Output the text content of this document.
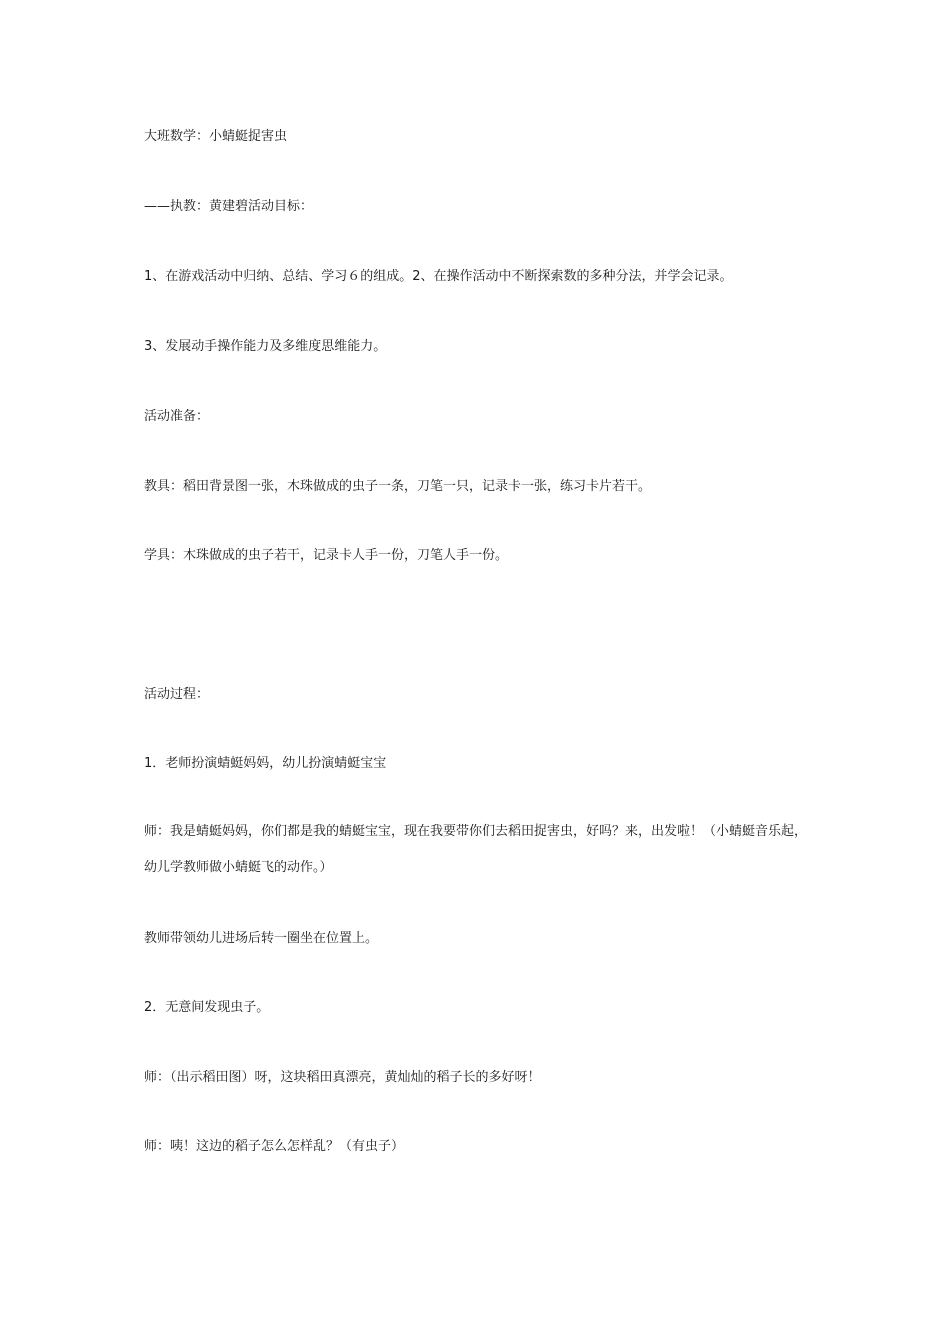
大班数学：小蜻蜓捉害虫
——执教：黄建碧活动目标：
1、在游戏活动中归纳、总结、学习６的组成。2、在操作活动中不断探索数的多种分法，并学会记录。
3、发展动手操作能力及多维度思维能力。
活动准备：
教具：稻田背景图一张，木珠做成的虫子一条，刀笔一只，记录卡一张，练习卡片若干。
学具：木珠做成的虫子若干，记录卡人手一份，刀笔人手一份。
活动过程：
1．老师扮演蜻蜓妈妈，幼儿扮演蜻蜓宝宝
师：我是蜻蜓妈妈，你们都是我的蜻蜓宝宝，现在我要带你们去稻田捉害虫，好吗？来，出发啦！（小蜻蜓音乐起，幼儿学教师做小蜻蜓飞的动作。）
教师带领幼儿进场后转一圈坐在位置上。
2．无意间发现虫子。
师：（出示稻田图）呀，这块稻田真漂亮，黄灿灿的稻子长的多好呀！
师：咦！这边的稻子怎么怎样乱？（有虫子）
